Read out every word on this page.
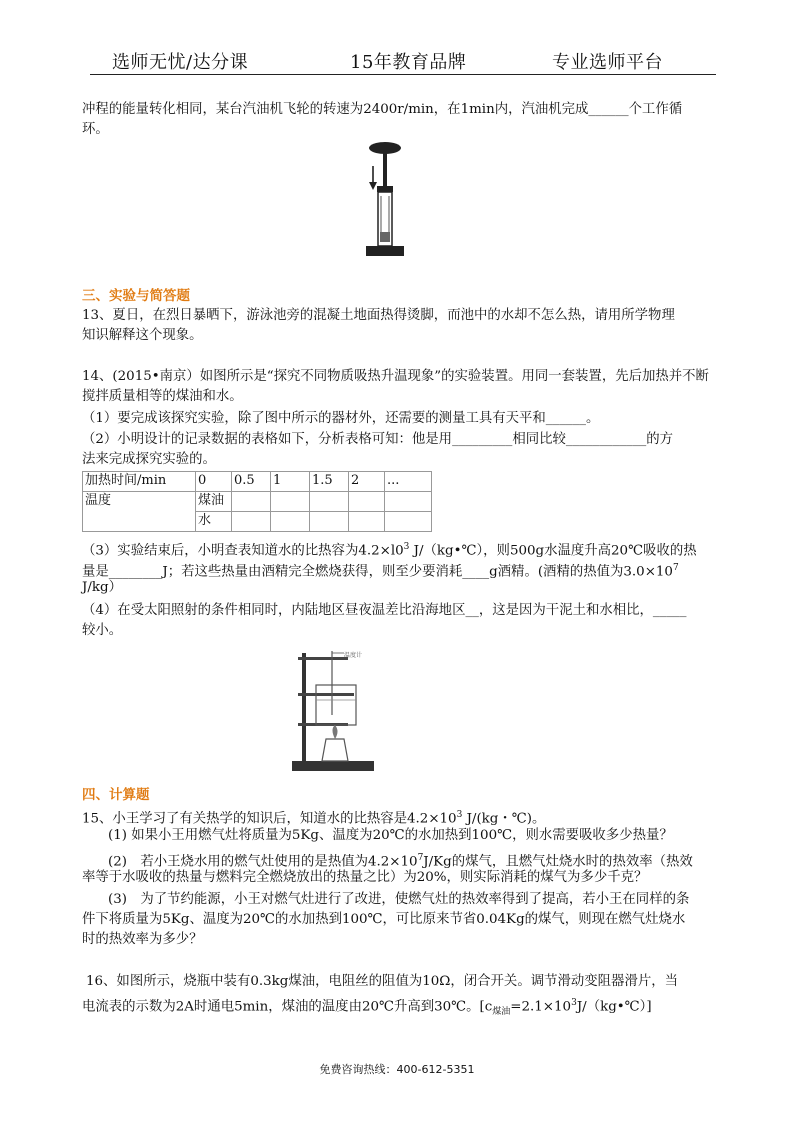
选师无忧/达分课	15年教育品牌	专业选师平台
冲程的能量转化相同，某台汽油机飞轮的转速为2400r/min，在1min内，汽油机完成______个工作循
环。
三、实验与简答题
13、夏日，在烈日暴晒下，游泳池旁的混凝土地面热得烫脚，而池中的水却不怎么热，请用所学物理
知识解释这个现象。
14、(2015•南京）如图所示是“探究不同物质吸热升温现象”的实验装置。用同一套装置，先后加热并不断
搅拌质量相等的煤油和水。
（1）要完成该探究实验，除了图中所示的器材外，还需要的测量工具有天平和______。
（2）小明设计的记录数据的表格如下，分析表格可知：他是用_________相同比较____________的方
法来完成探究实验的。
加热时间/min	0	0.5	1	1.5	2	...
温度	煤油					
	水					
（3）实验结束后，小明查表知道水的比热容为$4.2\times l0^3$ J/（kg•℃），则500g水温度升高20℃吸收的热
量是________J；若这些热量由酒精完全燃烧获得，则至少要消耗____g酒精。(酒精的热值为$3.0\times 10^7$
J/kg）
（4）在受太阳照射的条件相同时，内陆地区昼夜温差比沿海地区__，这是因为干泥土和水相比，_____
较小。
温度计
四、计算题
15、小王学习了有关热学的知识后，知道水的比热容是$4.2\times 10^3$ J/(kg・℃)。
(1) 如果小王用燃气灶将质量为5Kg、温度为20℃的水加热到100℃，则水需要吸收多少热量？
(2)　若小王烧水用的燃气灶使用的是热值为$4.2\times 10^7J/Kg$的煤气，且燃气灶烧水时的热效率（热效
率等于水吸收的热量与燃料完全燃烧放出的热量之比）为20%，则实际消耗的煤气为多少千克？
(3)　为了节约能源，小王对燃气灶进行了改进，使燃气灶的热效率得到了提高，若小王在同样的条
件下将质量为5Kg、温度为20℃的水加热到100℃，可比原来节省0.04Kg的煤气，则现在燃气灶烧水
时的热效率为多少？
16、如图所示，烧瓶中装有0.3kg煤油，电阻丝的阻值为10Ω，闭合开关。调节滑动变阻器滑片，当
电流表的示数为2A时通电5min，煤油的温度由20℃升高到30℃。$[c_{煤油}=2.1\times 10^3J/(kg•℃)]$
免费咨询热线：400-612-5351
